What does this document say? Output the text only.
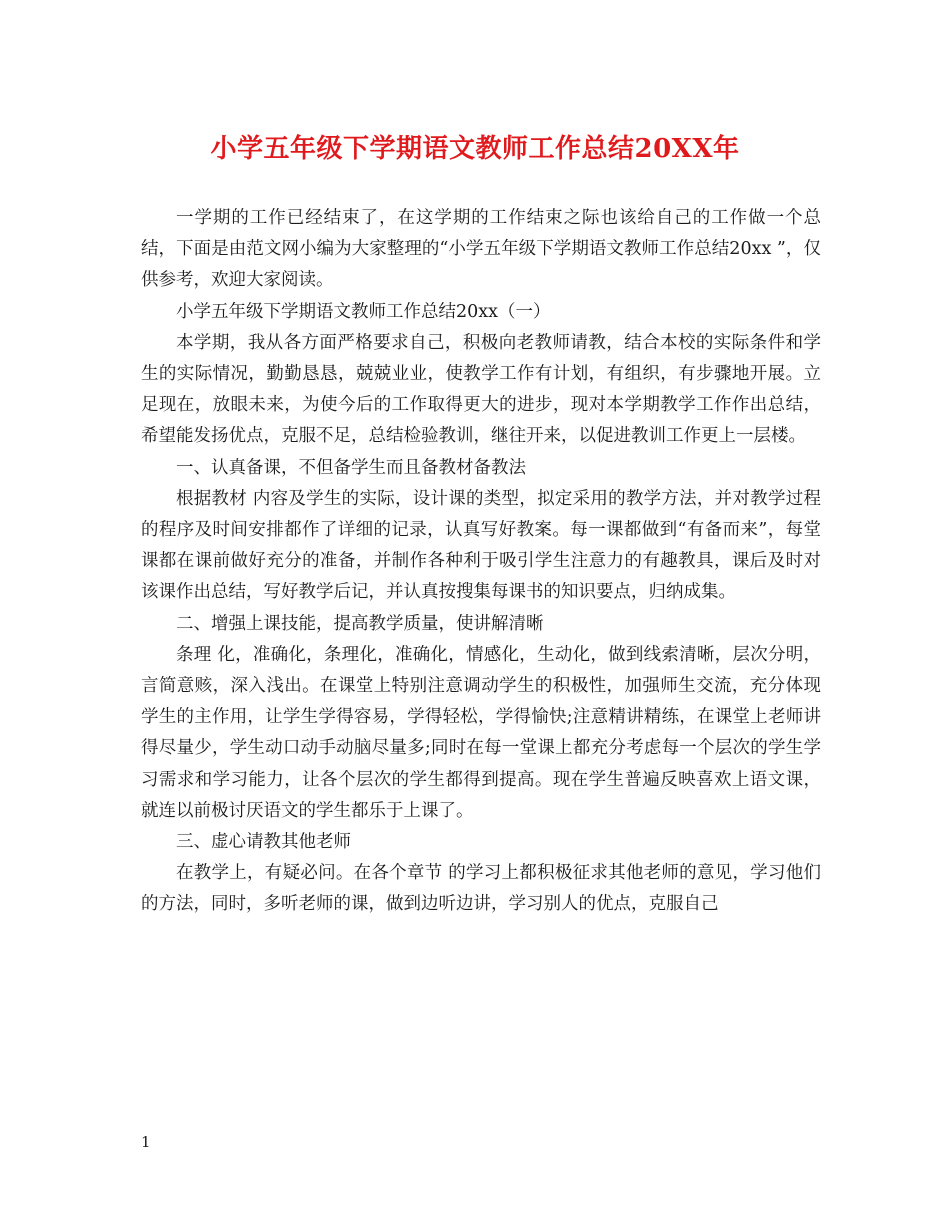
小学五年级下学期语文教师工作总结20XX年

一学期的工作已经结束了，在这学期的工作结束之际也该给自己的工作做一个总结，下面是由范文网小编为大家整理的“小学五年级下学期语文教师工作总结20xx ”，仅供参考，欢迎大家阅读。

小学五年级下学期语文教师工作总结20xx（一）

本学期，我从各方面严格要求自己，积极向老教师请教，结合本校的实际条件和学生的实际情况，勤勤恳恳，兢兢业业，使教学工作有计划，有组织，有步骤地开展。立足现在，放眼未来，为使今后的工作取得更大的进步，现对本学期教学工作作出总结，希望能发扬优点，克服不足，总结检验教训，继往开来，以促进教训工作更上一层楼。

一、认真备课，不但备学生而且备教材备教法

根据教材 内容及学生的实际，设计课的类型，拟定采用的教学方法，并对教学过程的程序及时间安排都作了详细的记录，认真写好教案。每一课都做到“有备而来”，每堂课都在课前做好充分的准备，并制作各种利于吸引学生注意力的有趣教具，课后及时对该课作出总结，写好教学后记，并认真按搜集每课书的知识要点，归纳成集。

二、增强上课技能，提高教学质量，使讲解清晰

条理 化，准确化，条理化，准确化，情感化，生动化，做到线索清晰，层次分明，言简意赅，深入浅出。在课堂上特别注意调动学生的积极性，加强师生交流，充分体现学生的主作用，让学生学得容易，学得轻松，学得愉快;注意精讲精练，在课堂上老师讲得尽量少，学生动口动手动脑尽量多;同时在每一堂课上都充分考虑每一个层次的学生学习需求和学习能力，让各个层次的学生都得到提高。现在学生普遍反映喜欢上语文课，就连以前极讨厌语文的学生都乐于上课了。

三、虚心请教其他老师

在教学上，有疑必问。在各个章节 的学习上都积极征求其他老师的意见，学习他们的方法，同时，多听老师的课，做到边听边讲，学习别人的优点，克服自己

1
